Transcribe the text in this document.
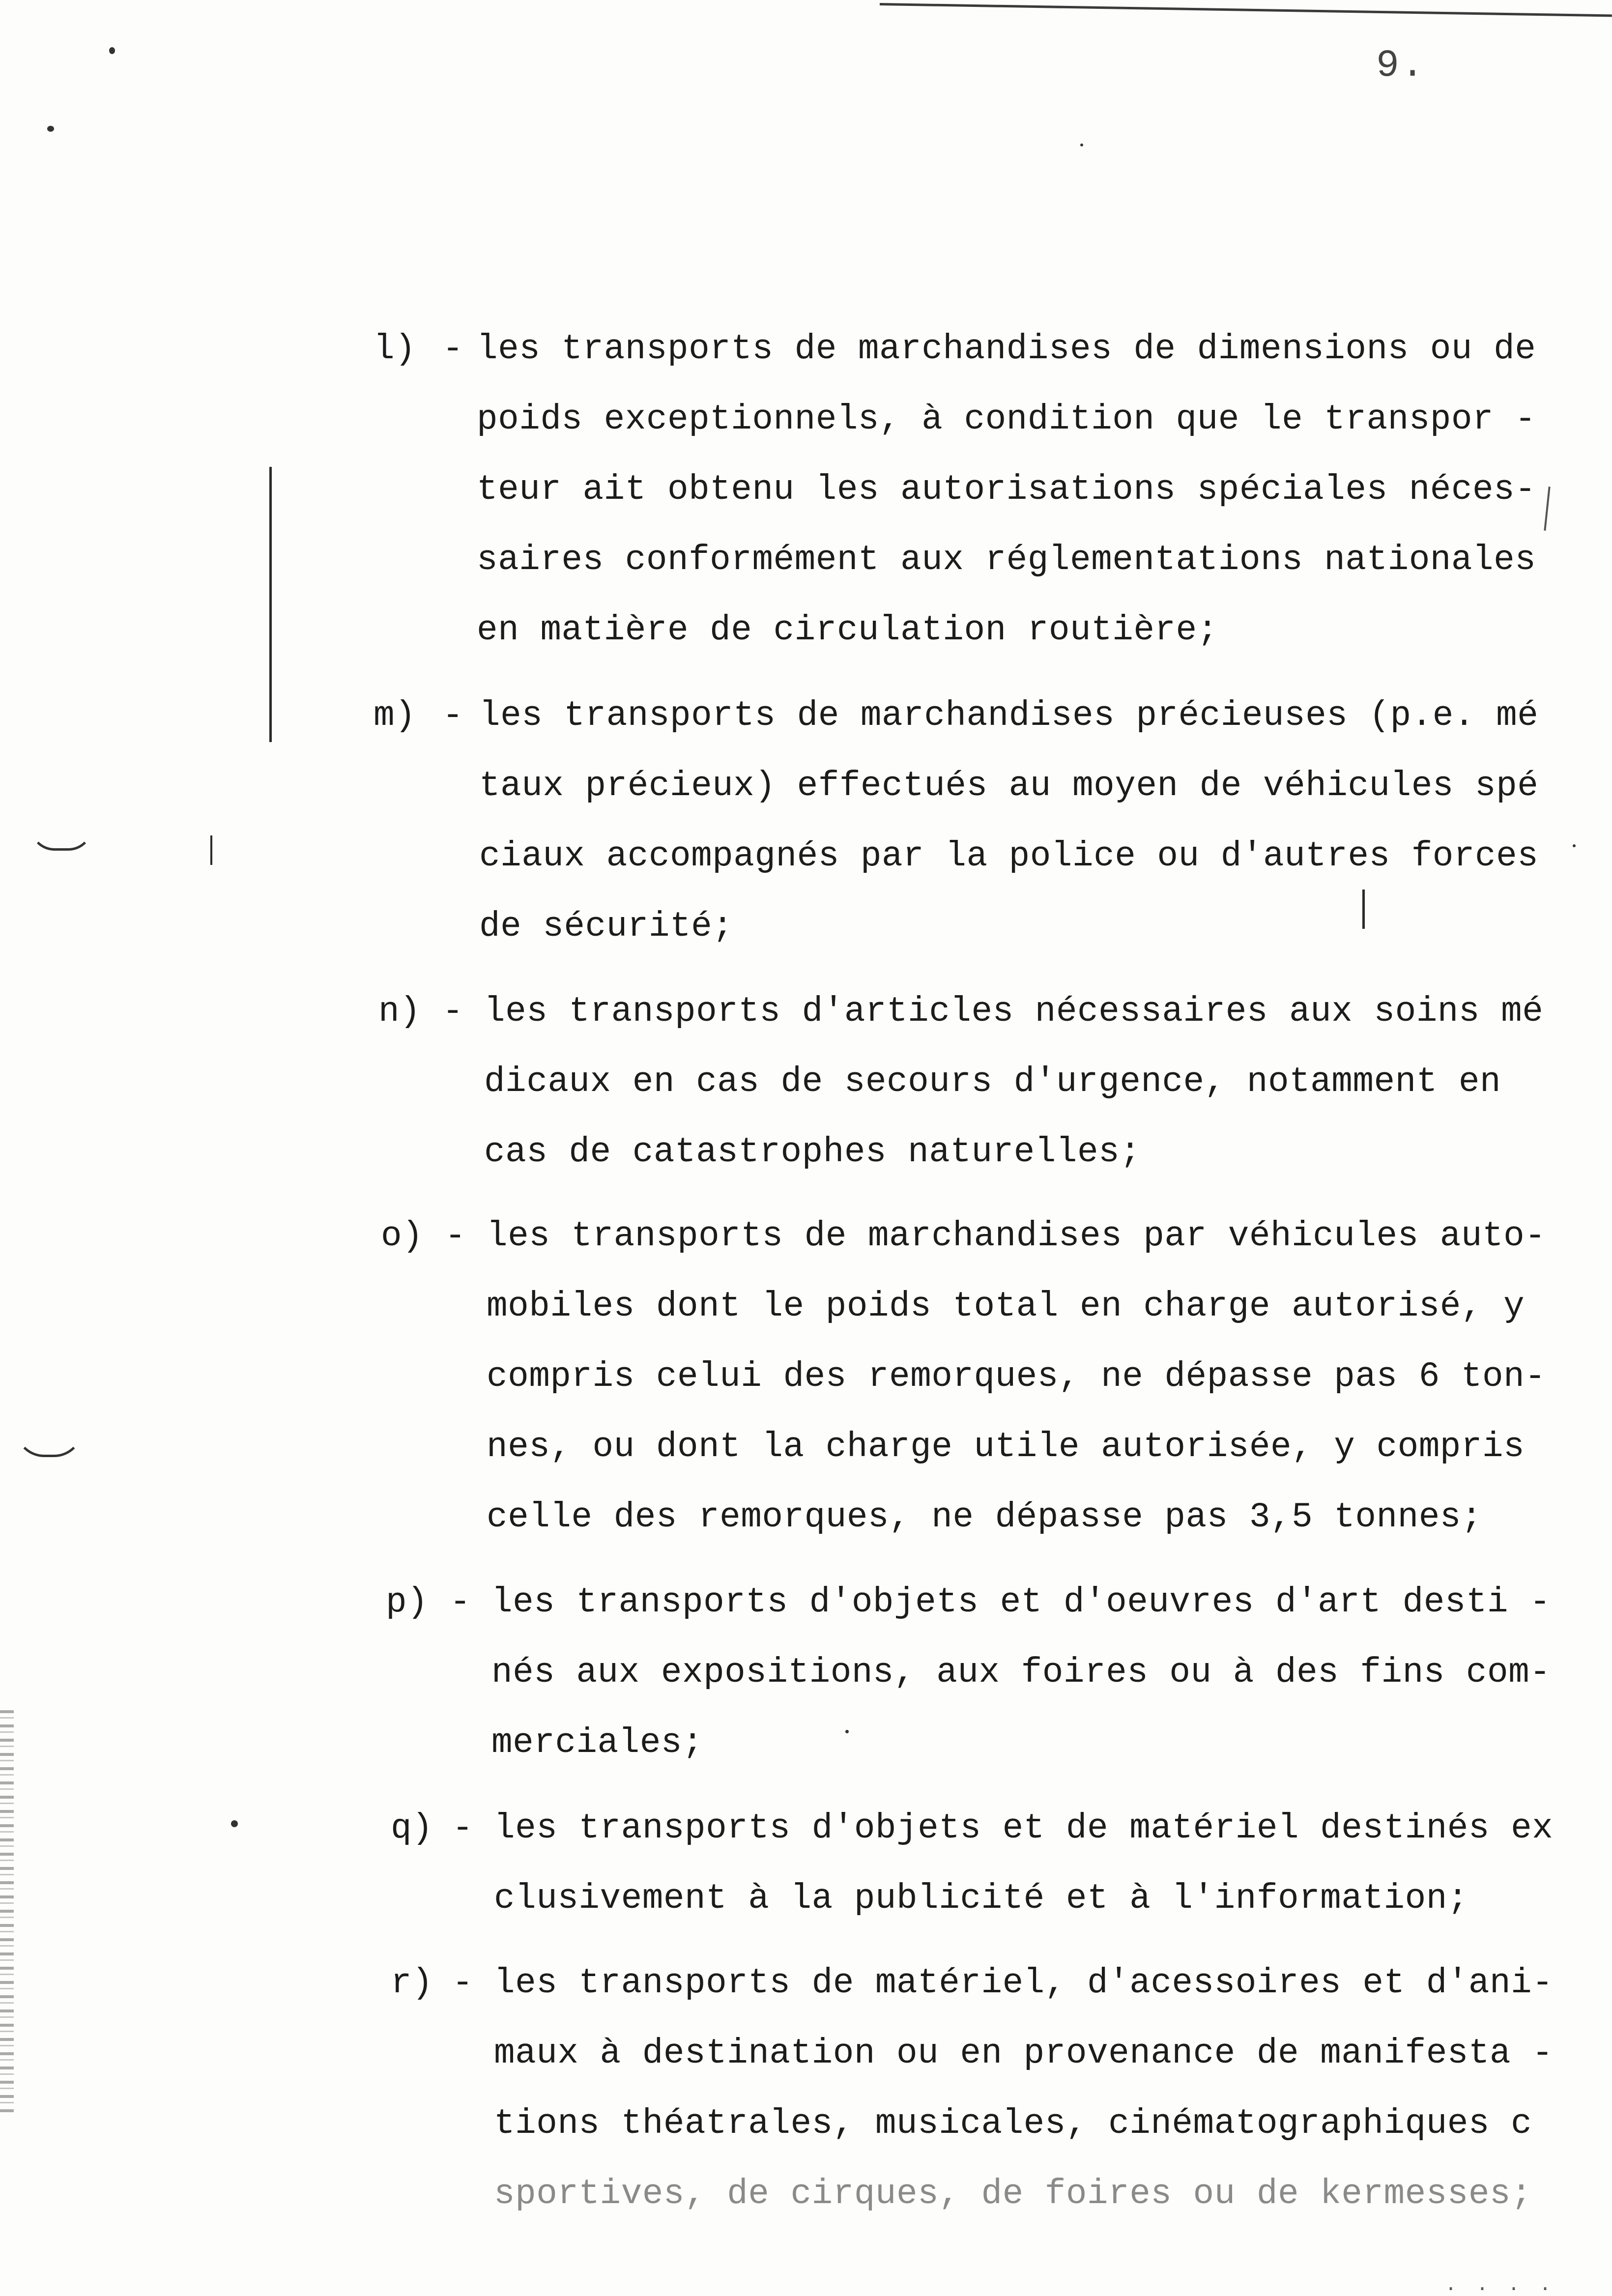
9.
l) - les transports de marchandises de dimensions ou de
poids exceptionnels, à condition que le transpor -
teur ait obtenu les autorisations spéciales néces-
saires conformément aux réglementations nationales
en matière de circulation routière;
m) - les transports de marchandises précieuses (p.e. mé
taux précieux) effectués au moyen de véhicules spé
ciaux accompagnés par la police ou d'autres forces
de sécurité;
n) - les transports d'articles nécessaires aux soins mé
dicaux en cas de secours d'urgence, notamment en
cas de catastrophes naturelles;
o) - les transports de marchandises par véhicules auto-
mobiles dont le poids total en charge autorisé, y
compris celui des remorques, ne dépasse pas 6 ton-
nes, ou dont la charge utile autorisée, y compris
celle des remorques, ne dépasse pas 3,5 tonnes;
p) - les transports d'objets et d'oeuvres d'art desti -
nés aux expositions, aux foires ou à des fins com-
merciales;
q) - les transports d'objets et de matériel destinés ex
clusivement à la publicité et à l'information;
r) - les transports de matériel, d'acessoires et d'ani-
maux à destination ou en provenance de manifesta -
tions théatrales, musicales, cinématographiques c
sportives, de cirques, de foires ou de kermesses;
· · · ·
